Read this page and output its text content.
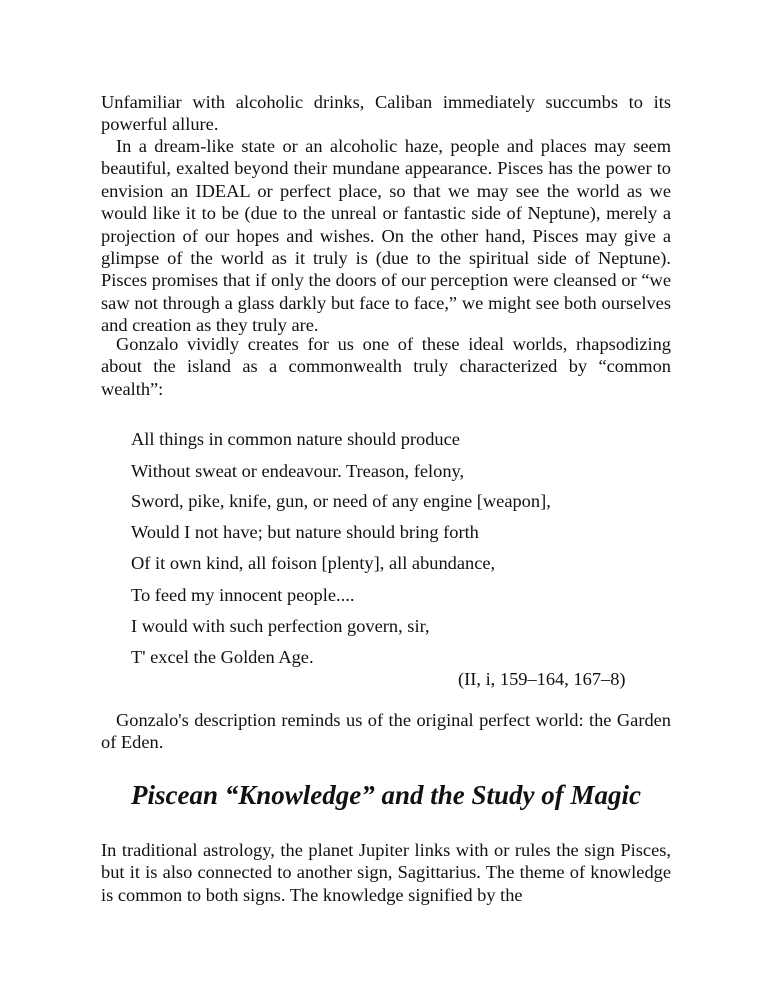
Unfamiliar with alcoholic drinks, Caliban immediately succumbs to its powerful allure.

In a dream-like state or an alcoholic haze, people and places may seem beautiful, exalted beyond their mundane appearance. Pisces has the power to envision an IDEAL or perfect place, so that we may see the world as we would like it to be (due to the unreal or fantastic side of Neptune), merely a projection of our hopes and wishes. On the other hand, Pisces may give a glimpse of the world as it truly is (due to the spiritual side of Neptune). Pisces promises that if only the doors of our perception were cleansed or “we saw not through a glass darkly but face to face,” we might see both ourselves and creation as they truly are.

Gonzalo vividly creates for us one of these ideal worlds, rhapsodizing about the island as a commonwealth truly characterized by “common wealth”:

All things in common nature should produce

Without sweat or endeavour. Treason, felony,

Sword, pike, knife, gun, or need of any engine [weapon],

Would I not have; but nature should bring forth

Of it own kind, all foison [plenty], all abundance,

To feed my innocent people....

I would with such perfection govern, sir,

T' excel the Golden Age.

(II, i, 159–164, 167–8)

Gonzalo's description reminds us of the original perfect world: the Garden of Eden.

Piscean “Knowledge” and the Study of Magic

In traditional astrology, the planet Jupiter links with or rules the sign Pisces, but it is also connected to another sign, Sagittarius. The theme of knowledge is common to both signs. The knowledge signified by the
